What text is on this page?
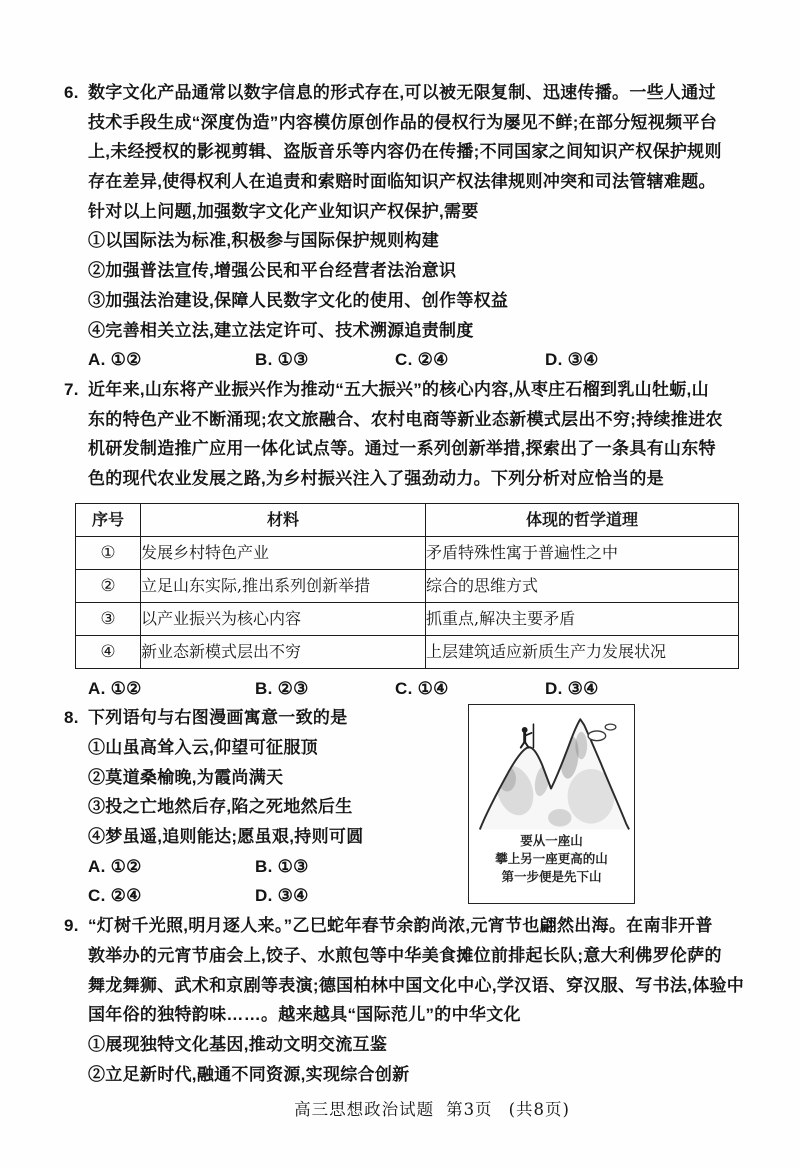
6. 数字文化产品通常以数字信息的形式存在,可以被无限复制、迅速传播。一些人通过
技术手段生成“深度伪造”内容模仿原创作品的侵权行为屡见不鲜;在部分短视频平台
上,未经授权的影视剪辑、盗版音乐等内容仍在传播;不同国家之间知识产权保护规则
存在差异,使得权利人在追责和索赔时面临知识产权法律规则冲突和司法管辖难题。
针对以上问题,加强数字文化产业知识产权保护,需要
①以国际法为标准,积极参与国际保护规则构建
②加强普法宣传,增强公民和平台经营者法治意识
③加强法治建设,保障人民数字文化的使用、创作等权益
④完善相关立法,建立法定许可、技术溯源追责制度
A. ①②	B. ①③	C. ②④	D. ③④
7. 近年来,山东将产业振兴作为推动“五大振兴”的核心内容,从枣庄石榴到乳山牡蛎,山
东的特色产业不断涌现;农文旅融合、农村电商等新业态新模式层出不穷;持续推进农
机研发制造推广应用一体化试点等。通过一系列创新举措,探索出了一条具有山东特
色的现代农业发展之路,为乡村振兴注入了强劲动力。下列分析对应恰当的是
序号	材料	体现的哲学道理
①	发展乡村特色产业	矛盾特殊性寓于普遍性之中
②	立足山东实际,推出系列创新举措	综合的思维方式
③	以产业振兴为核心内容	抓重点,解决主要矛盾
④	新业态新模式层出不穷	上层建筑适应新质生产力发展状况
A. ①②	B. ②③	C. ①④	D. ③④
8. 下列语句与右图漫画寓意一致的是
①山虽高耸入云,仰望可征服顶
②莫道桑榆晚,为霞尚满天
③投之亡地然后存,陷之死地然后生
④梦虽遥,追则能达;愿虽艰,持则可圆
A. ①②	B. ①③
C. ②④	D. ③④
9. “灯树千光照,明月逐人来。”乙巳蛇年春节余韵尚浓,元宵节也翩然出海。在南非开普
敦举办的元宵节庙会上,饺子、水煎包等中华美食摊位前排起长队;意大利佛罗伦萨的
舞龙舞狮、武术和京剧等表演;德国柏林中国文化中心,学汉语、穿汉服、写书法,体验中
国年俗的独特韵味……。越来越具“国际范儿”的中华文化
①展现独特文化基因,推动文明交流互鉴
②立足新时代,融通不同资源,实现综合创新
高三思想政治试题 第3页 (共8页)
要从一座山
攀上另一座更高的山
第一步便是先下山
